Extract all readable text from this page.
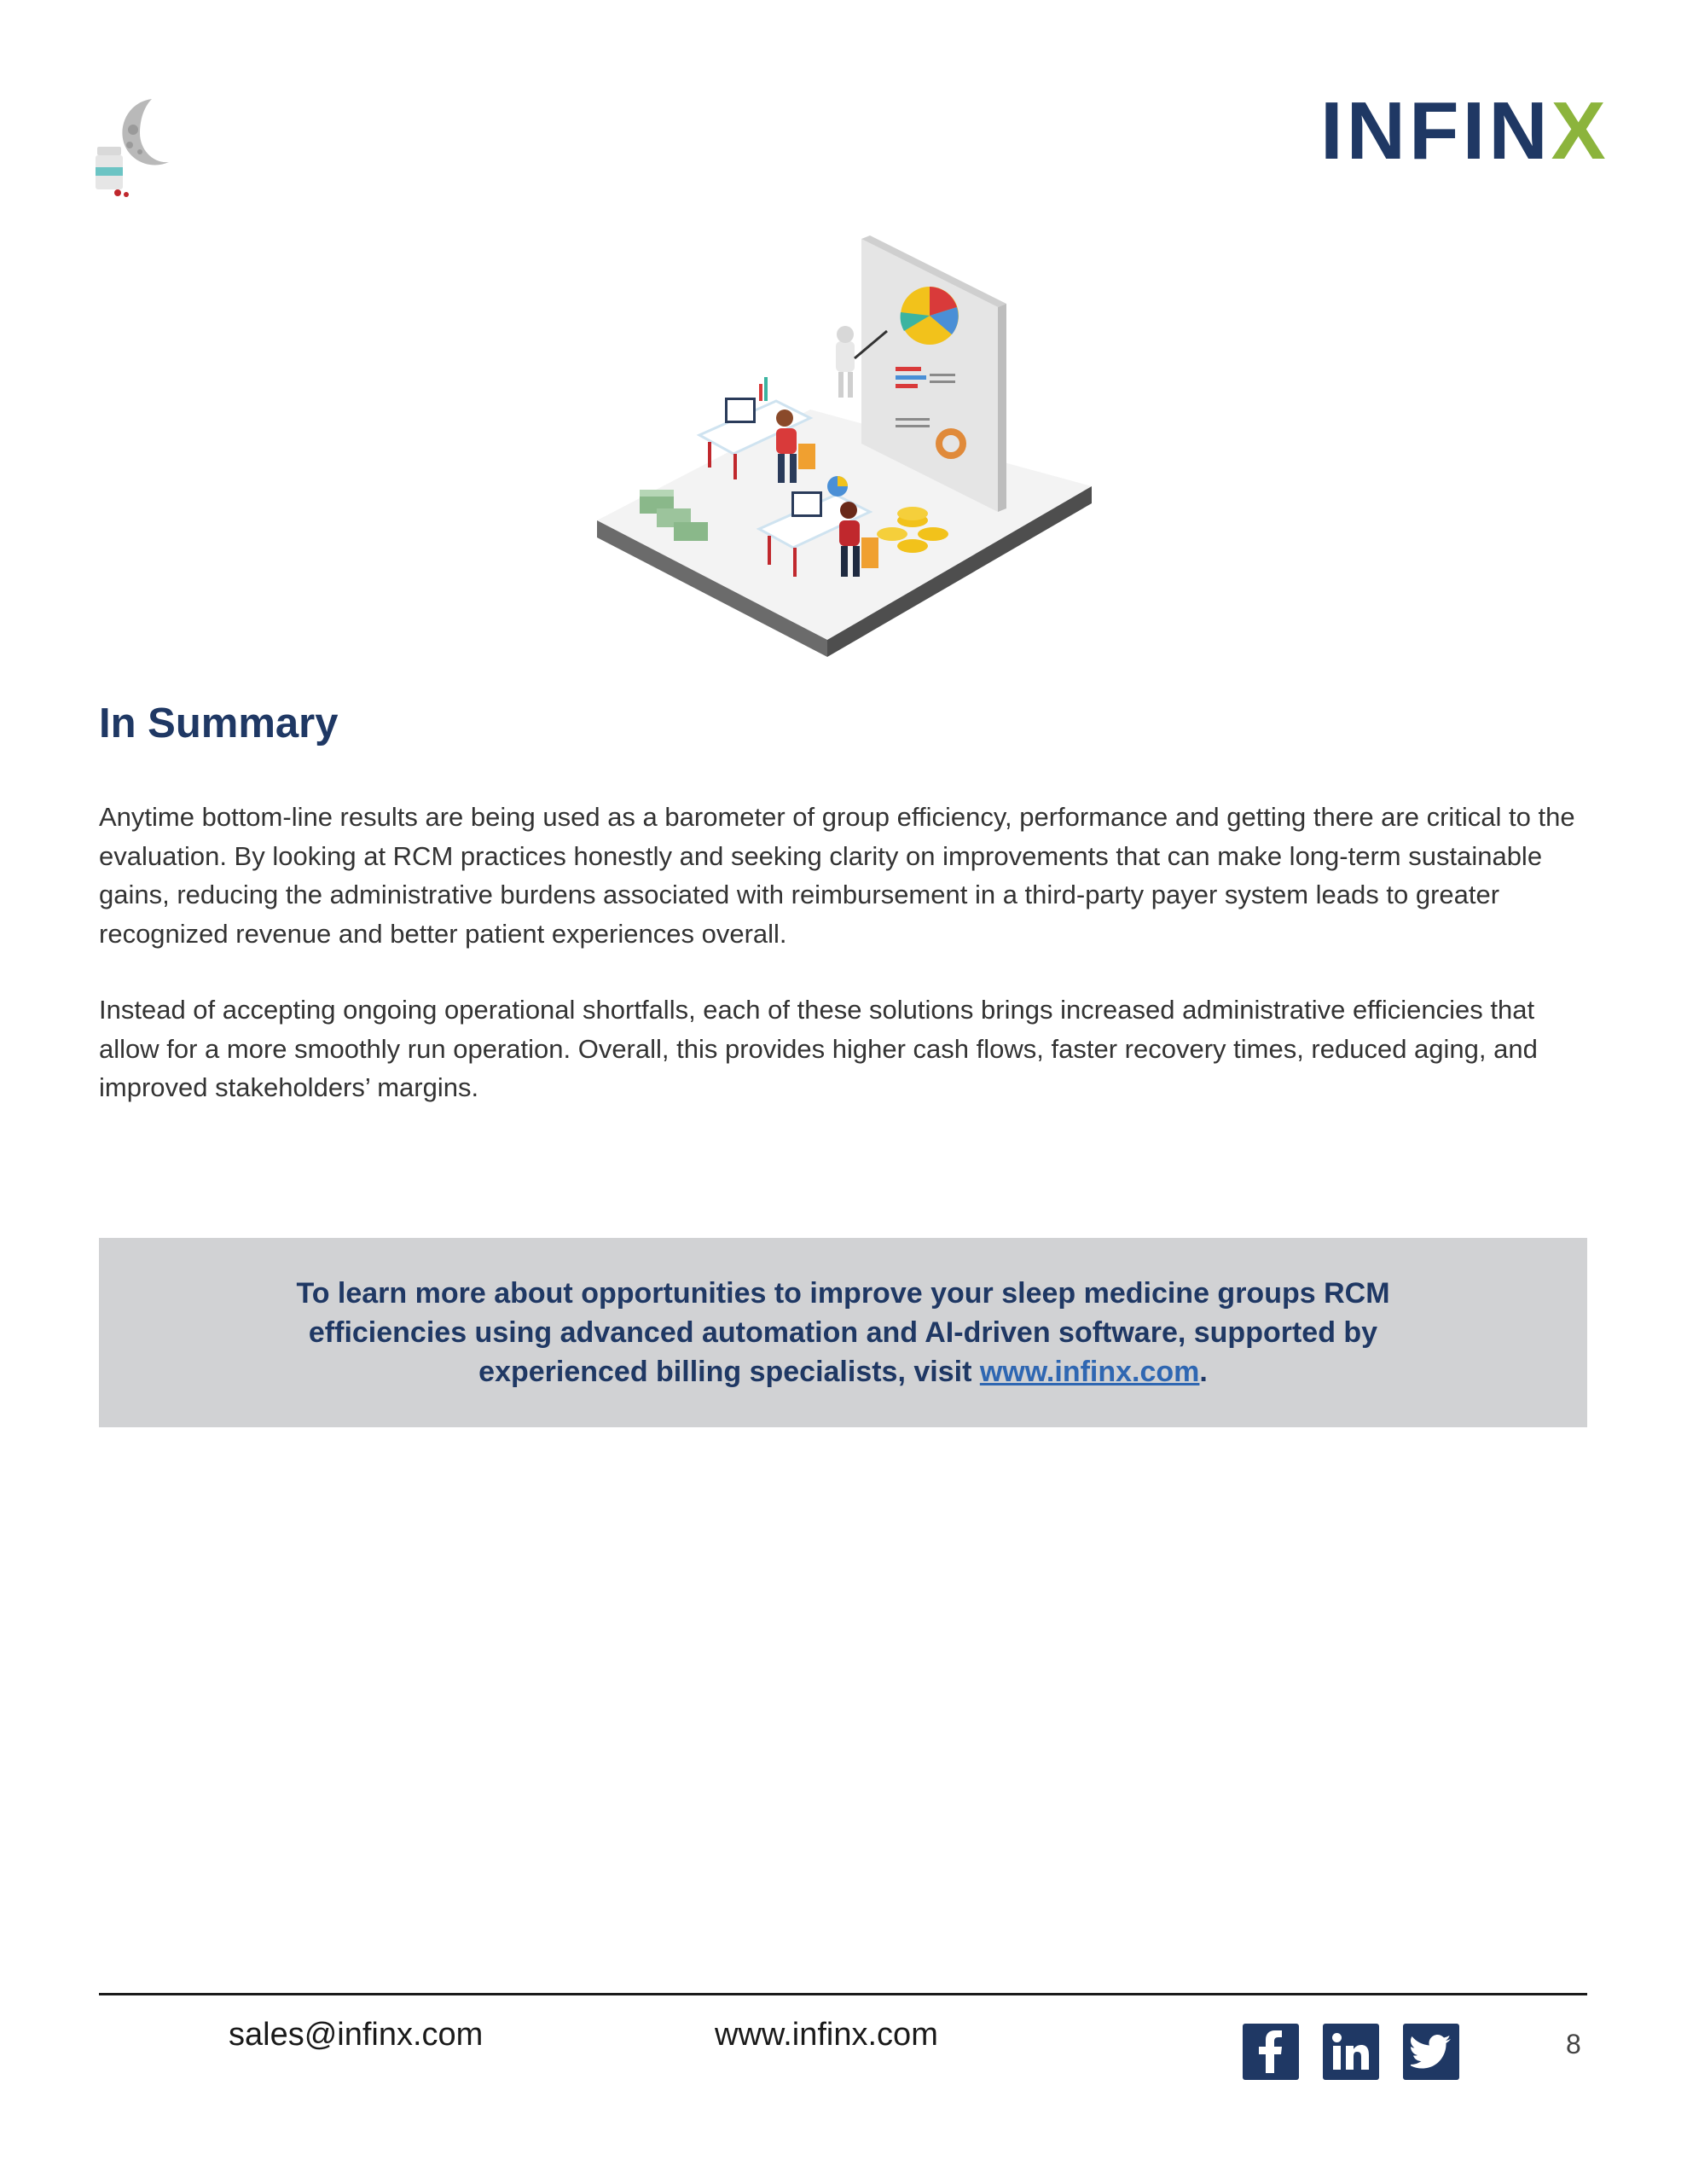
INFIN X
In Summary

Anytime bottom-line results are being used as a barometer of group efficiency, performance and getting there are critical to the evaluation. By looking at RCM practices honestly and seeking clarity on improvements that can make long-term sustainable gains, reducing the administrative burdens associated with reimbursement in a third-party payer system leads to greater recognized revenue and better patient experiences overall.

Instead of accepting ongoing operational shortfalls, each of these solutions brings increased administrative efficiencies that allow for a more smoothly run operation. Overall, this provides higher cash flows, faster recovery times, reduced aging, and improved stakeholders’ margins.

To learn more about opportunities to improve your sleep medicine groups RCM efficiencies using advanced automation and AI-driven software, supported by experienced billing specialists, visit www.infinx.com.
sales@infinx.com	www.infinx.com	8
